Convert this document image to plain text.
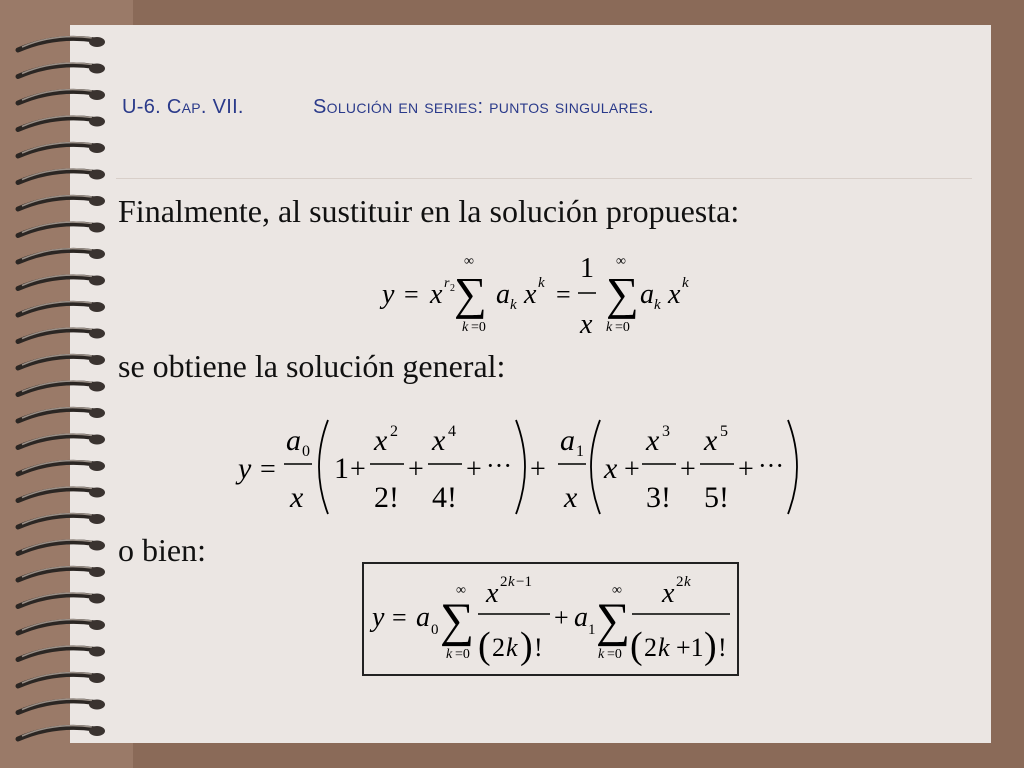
U-6. Cap. VII.	Solución en series: puntos singulares.
Finalmente, al sustituir en la solución propuesta:
y = x r 2
∞
∑
k =0
a k x k =
1
x
∞
∑
k =0
a k x k
se obtiene la solución general:
y =
a 0
x
1 +
x 2
2!
+
x 4
4!
+ ··· +
a 1
x
x +
x 3
3!
+
x 5
5!
+ ···
o bien:
y = a 0
∞
∑
k =0
x 2 k −1
( 2 k ) !
+ a 1
∞
∑
k =0
x 2 k
( 2 k +1 ) !
